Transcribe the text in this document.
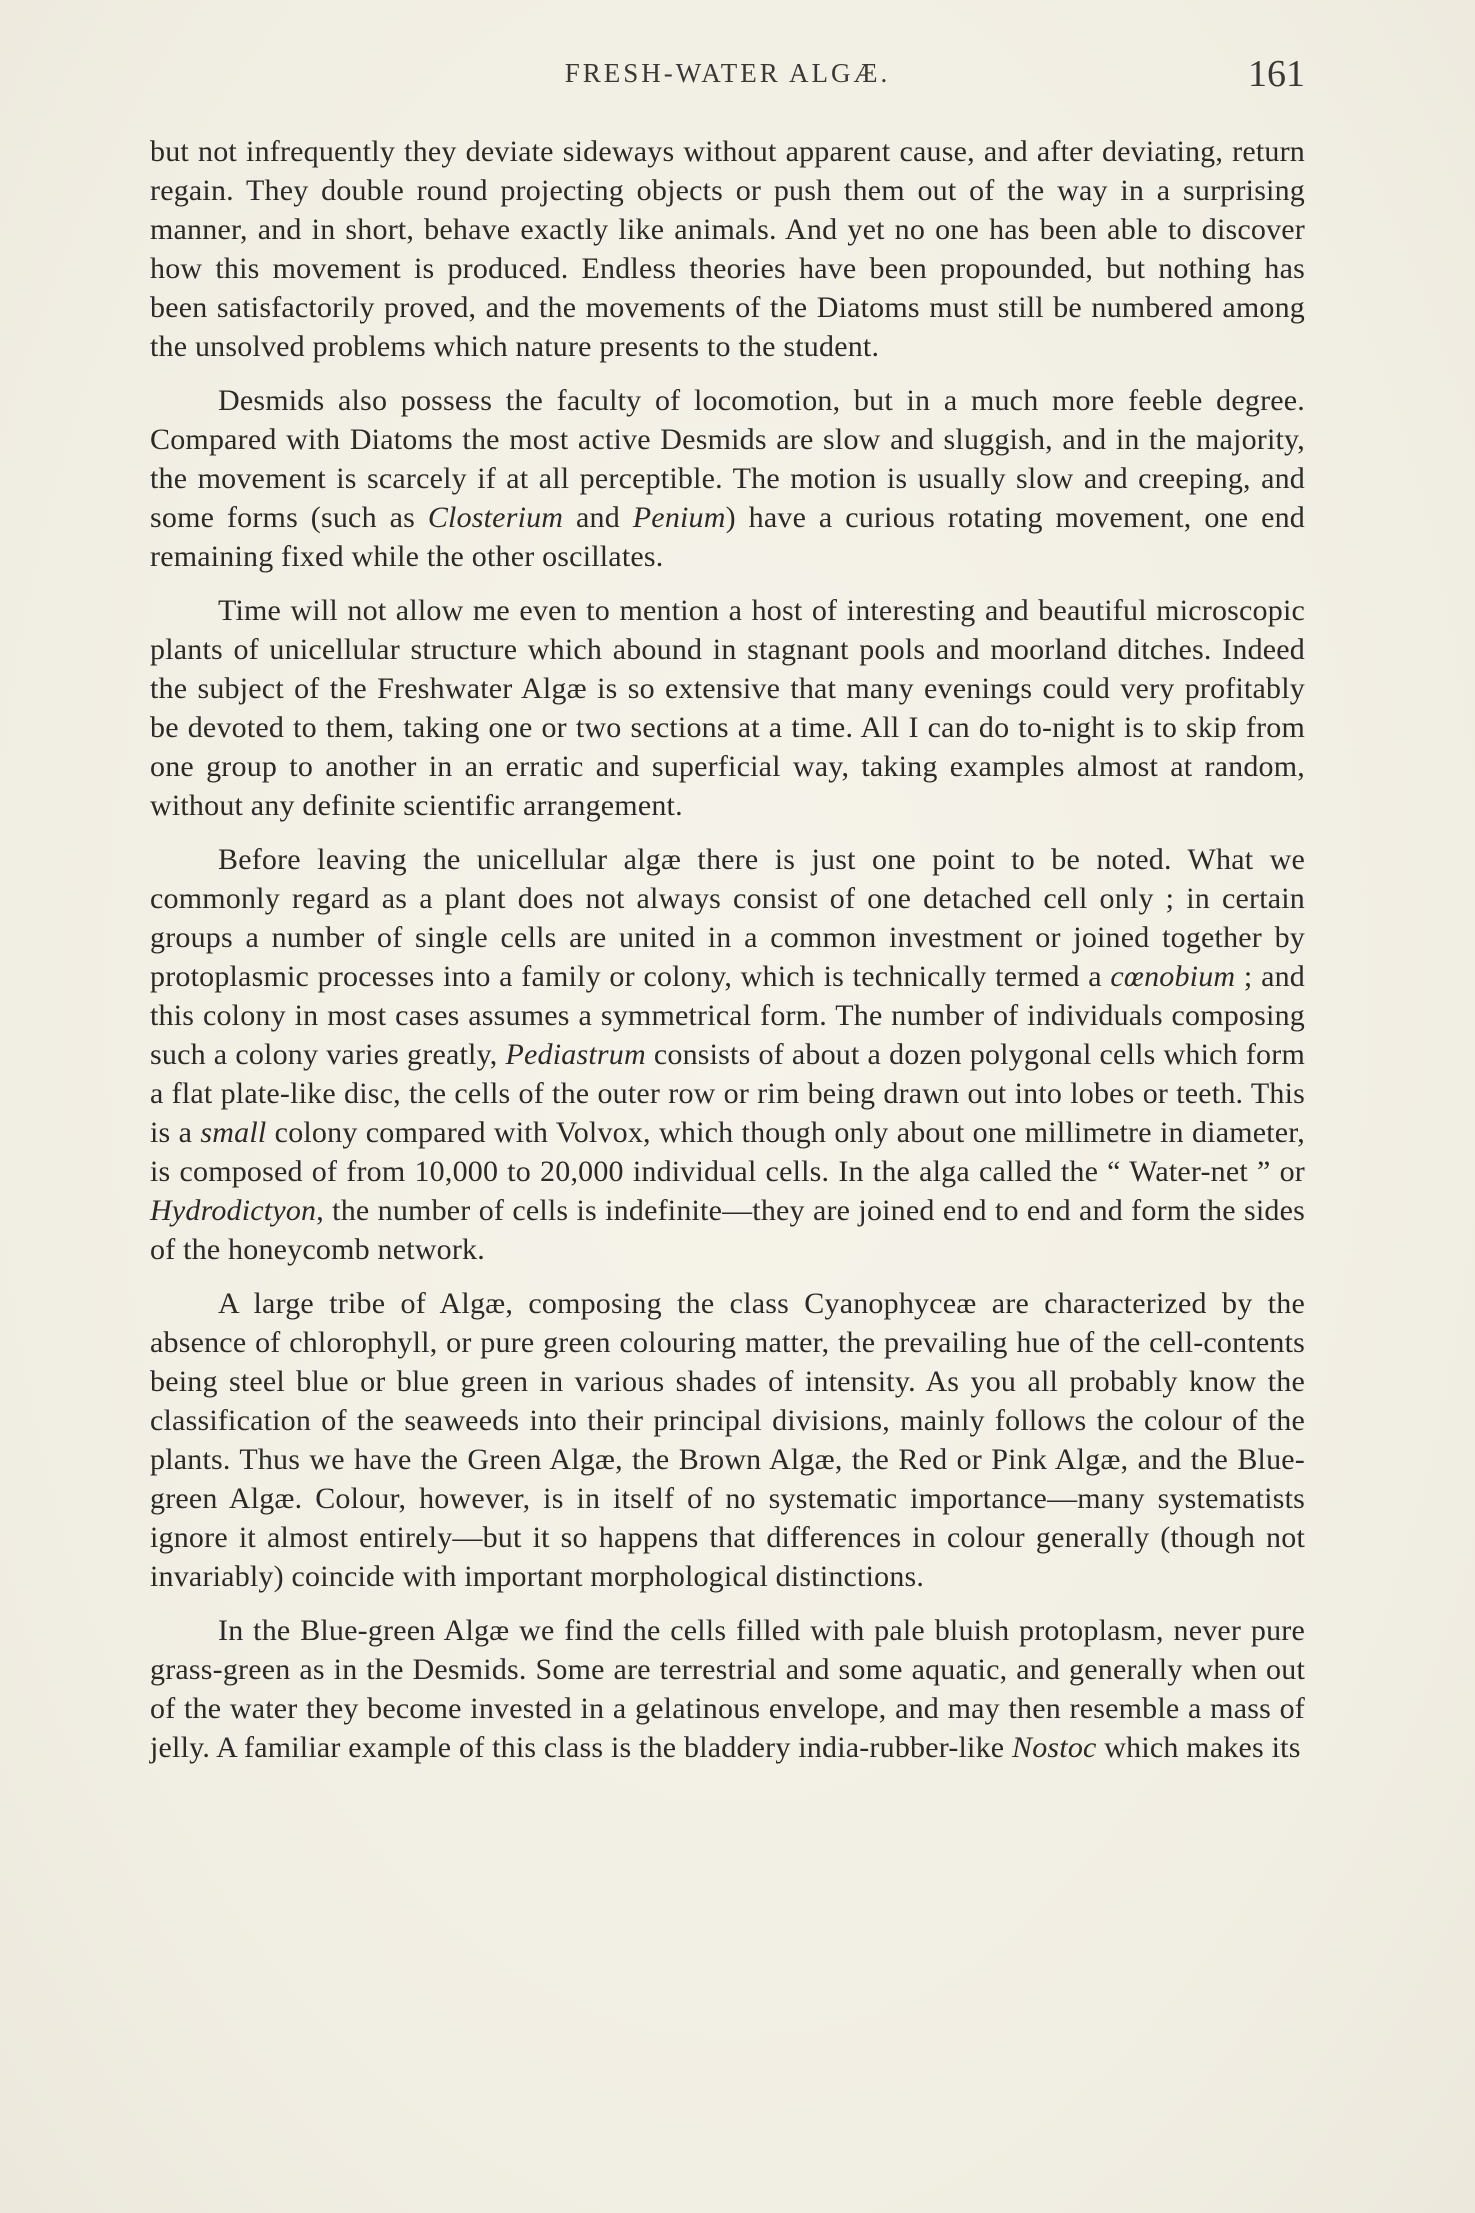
FRESH-WATER ALGÆ.	161

but not infrequently they deviate sideways without apparent cause, and after deviating, return regain. They double round projecting objects or push them out of the way in a surprising manner, and in short, behave exactly like animals. And yet no one has been able to discover how this movement is produced. Endless theories have been propounded, but nothing has been satisfactorily proved, and the movements of the Diatoms must still be numbered among the unsolved problems which nature presents to the student.

Desmids also possess the faculty of locomotion, but in a much more feeble degree. Compared with Diatoms the most active Desmids are slow and sluggish, and in the majority, the movement is scarcely if at all perceptible. The motion is usually slow and creeping, and some forms (such as Closterium and Penium) have a curious rotating movement, one end remaining fixed while the other oscillates.

Time will not allow me even to mention a host of interesting and beautiful microscopic plants of unicellular structure which abound in stagnant pools and moorland ditches. Indeed the subject of the Freshwater Algæ is so extensive that many evenings could very profitably be devoted to them, taking one or two sections at a time. All I can do to-night is to skip from one group to another in an erratic and superficial way, taking examples almost at random, without any definite scientific arrangement.

Before leaving the unicellular algæ there is just one point to be noted. What we commonly regard as a plant does not always consist of one detached cell only ; in certain groups a number of single cells are united in a common investment or joined together by protoplasmic processes into a family or colony, which is technically termed a cœnobium ; and this colony in most cases assumes a symmetrical form. The number of individuals composing such a colony varies greatly, Pediastrum consists of about a dozen polygonal cells which form a flat plate-like disc, the cells of the outer row or rim being drawn out into lobes or teeth. This is a small colony compared with Volvox, which though only about one millimetre in diameter, is composed of from 10,000 to 20,000 individual cells. In the alga called the “ Water-net ” or Hydrodictyon, the number of cells is indefinite—they are joined end to end and form the sides of the honeycomb network.

A large tribe of Algæ, composing the class Cyanophyceæ are characterized by the absence of chlorophyll, or pure green colouring matter, the prevailing hue of the cell-contents being steel blue or blue green in various shades of intensity. As you all probably know the classification of the seaweeds into their principal divisions, mainly follows the colour of the plants. Thus we have the Green Algæ, the Brown Algæ, the Red or Pink Algæ, and the Blue-green Algæ. Colour, however, is in itself of no systematic importance—many systematists ignore it almost entirely—but it so happens that differences in colour generally (though not invariably) coincide with important morphological distinctions.

In the Blue-green Algæ we find the cells filled with pale bluish protoplasm, never pure grass-green as in the Desmids. Some are terrestrial and some aquatic, and generally when out of the water they become invested in a gelatinous envelope, and may then resemble a mass of jelly. A familiar example of this class is the bladdery india-rubber-like Nostoc which makes its
